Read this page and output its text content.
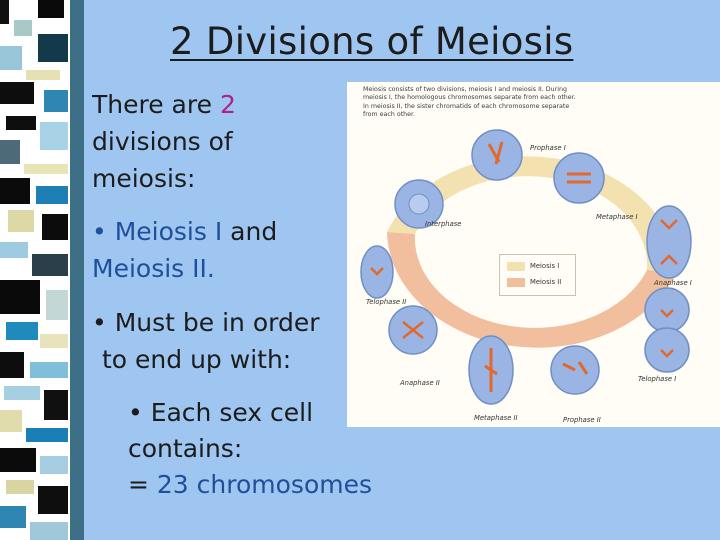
2 Divisions of Meiosis
There are 2
divisions of
meiosis:
• Meiosis I and
Meiosis II.
• Must be in order
to end up with:
• Each sex cell
contains:
= 23 chromosomes
Meiosis consists of two divisions, meiosis I and meiosis II. During meiosis I, the homologous chromosomes separate from each other. In meiosis II, the sister chromatids of each chromosome separate from each other.
Interphase
Prophase I
Metaphase I
Anaphase I
Telophase I
Prophase II
Metaphase II
Anaphase II
Telophase II
Meiosis I
Meiosis II
